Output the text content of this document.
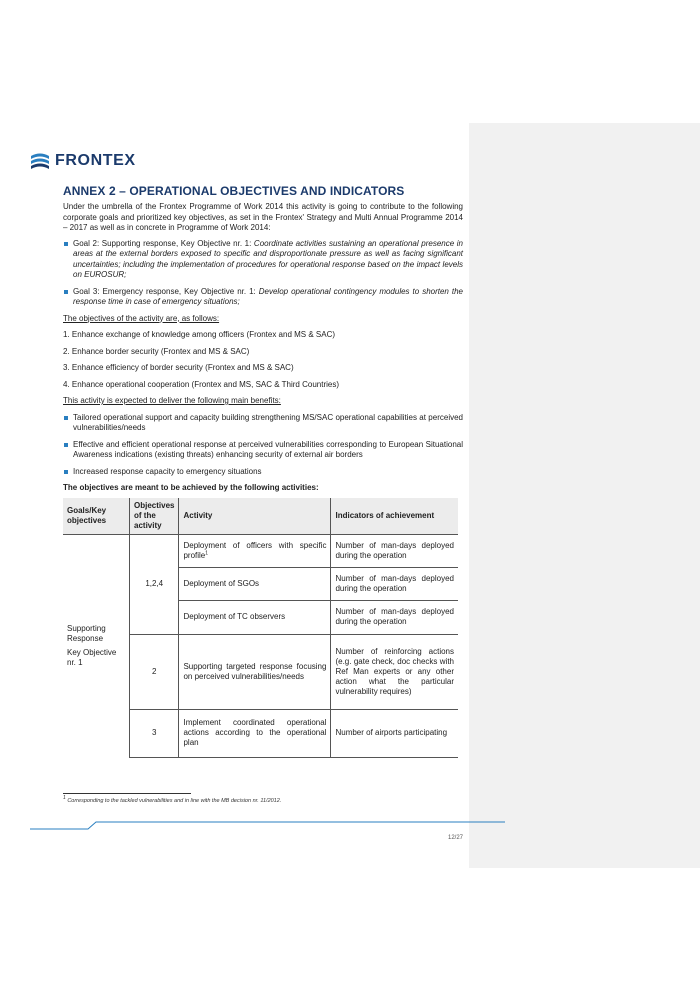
FRONTEX
ANNEX 2 – OPERATIONAL OBJECTIVES AND INDICATORS

Under the umbrella of the Frontex Programme of Work 2014 this activity is going to contribute to the following corporate goals and prioritized key objectives, as set in the Frontex' Strategy and Multi Annual Programme 2014 – 2017 as well as in concrete in Programme of Work 2014:

Goal 2: Supporting response, Key Objective nr. 1: Coordinate activities sustaining an operational presence in areas at the external borders exposed to specific and disproportionate pressure as well as facing significant uncertainties; including the implementation of procedures for operational response based on the impact levels on EUROSUR;
Goal 3: Emergency response, Key Objective nr. 1: Develop operational contingency modules to shorten the response time in case of emergency situations;

The objectives of the activity are, as follows:

1. Enhance exchange of knowledge among officers (Frontex and MS & SAC)
2. Enhance border security (Frontex and MS & SAC)
3. Enhance efficiency of border security (Frontex and MS & SAC)
4. Enhance operational cooperation (Frontex and MS, SAC & Third Countries)

This activity is expected to deliver the following main benefits:

Tailored operational support and capacity building strengthening MS/SAC operational capabilities at perceived vulnerabilities/needs
Effective and efficient operational response at perceived vulnerabilities corresponding to European Situational Awareness indications (existing threats) enhancing security of external air borders
Increased response capacity to emergency situations

The objectives are meant to be achieved by the following activities:

Goals/Key objectives	Objectives of the activity	Activity	Indicators of achievement

Supporting Response
Key Objective nr. 1	1,2,4	Deployment of officers with specific profile$^1$	Number of man-days deployed during the operation
		Deployment of SGOs	Number of man-days deployed during the operation
		Deployment of TC observers	Number of man-days deployed during the operation
	2	Supporting targeted response focusing on perceived vulnerabilities/needs	Number of reinforcing actions (e.g. gate check, doc checks with Ref Man experts or any other action what the particular vulnerability requires)
	3	Implement coordinated operational actions according to the operational plan	Number of airports participating
$^1$ Corresponding to the tackled vulnerabilities and in line with the MB decision nr. 11/2012.
12/27
